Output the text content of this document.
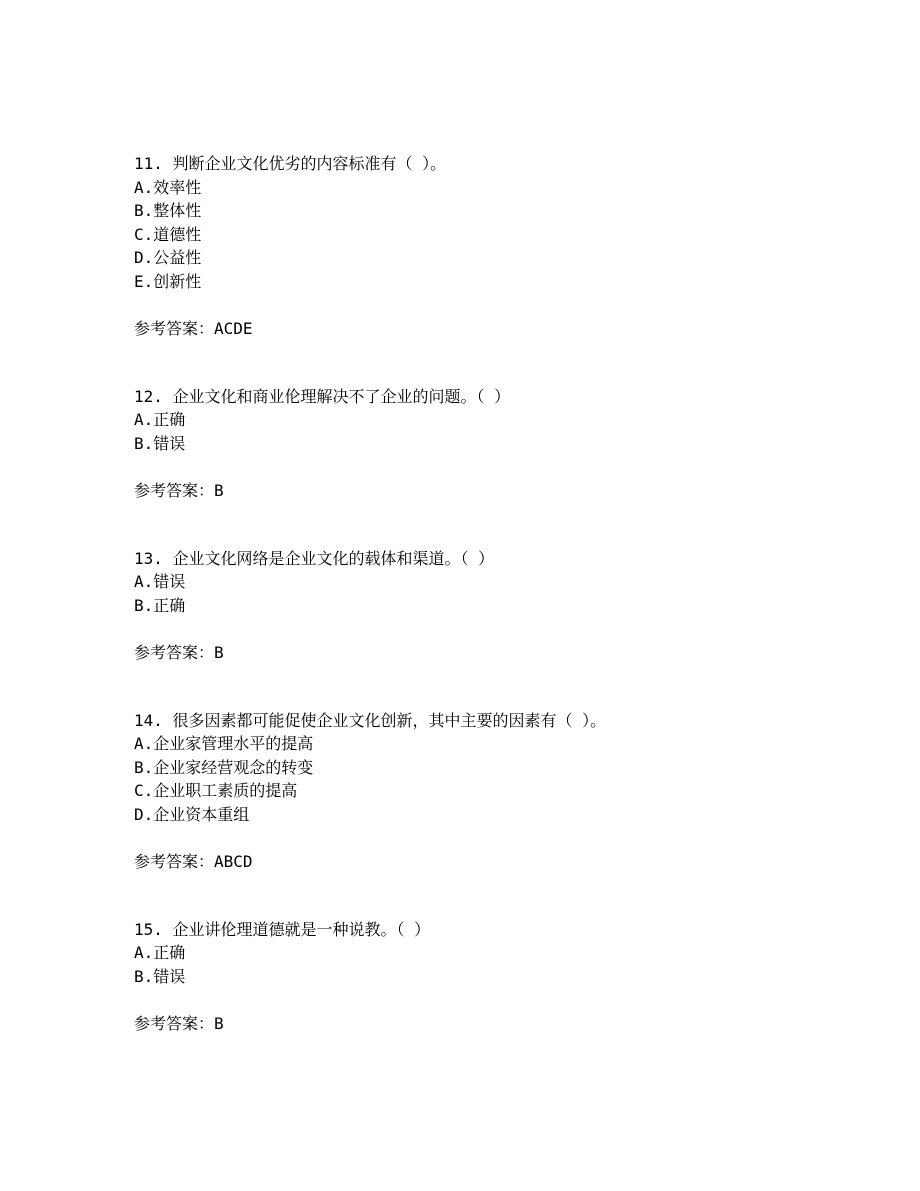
11. 判断企业文化优劣的内容标准有（ ）。
A.效率性
B.整体性
C.道德性
D.公益性
E.创新性
参考答案：ACDE
12. 企业文化和商业伦理解决不了企业的问题。（ ）
A.正确
B.错误
参考答案：B
13. 企业文化网络是企业文化的载体和渠道。（ ）
A.错误
B.正确
参考答案：B
14. 很多因素都可能促使企业文化创新，其中主要的因素有（ ）。
A.企业家管理水平的提高
B.企业家经营观念的转变
C.企业职工素质的提高
D.企业资本重组
参考答案：ABCD
15. 企业讲伦理道德就是一种说教。（ ）
A.正确
B.错误
参考答案：B
